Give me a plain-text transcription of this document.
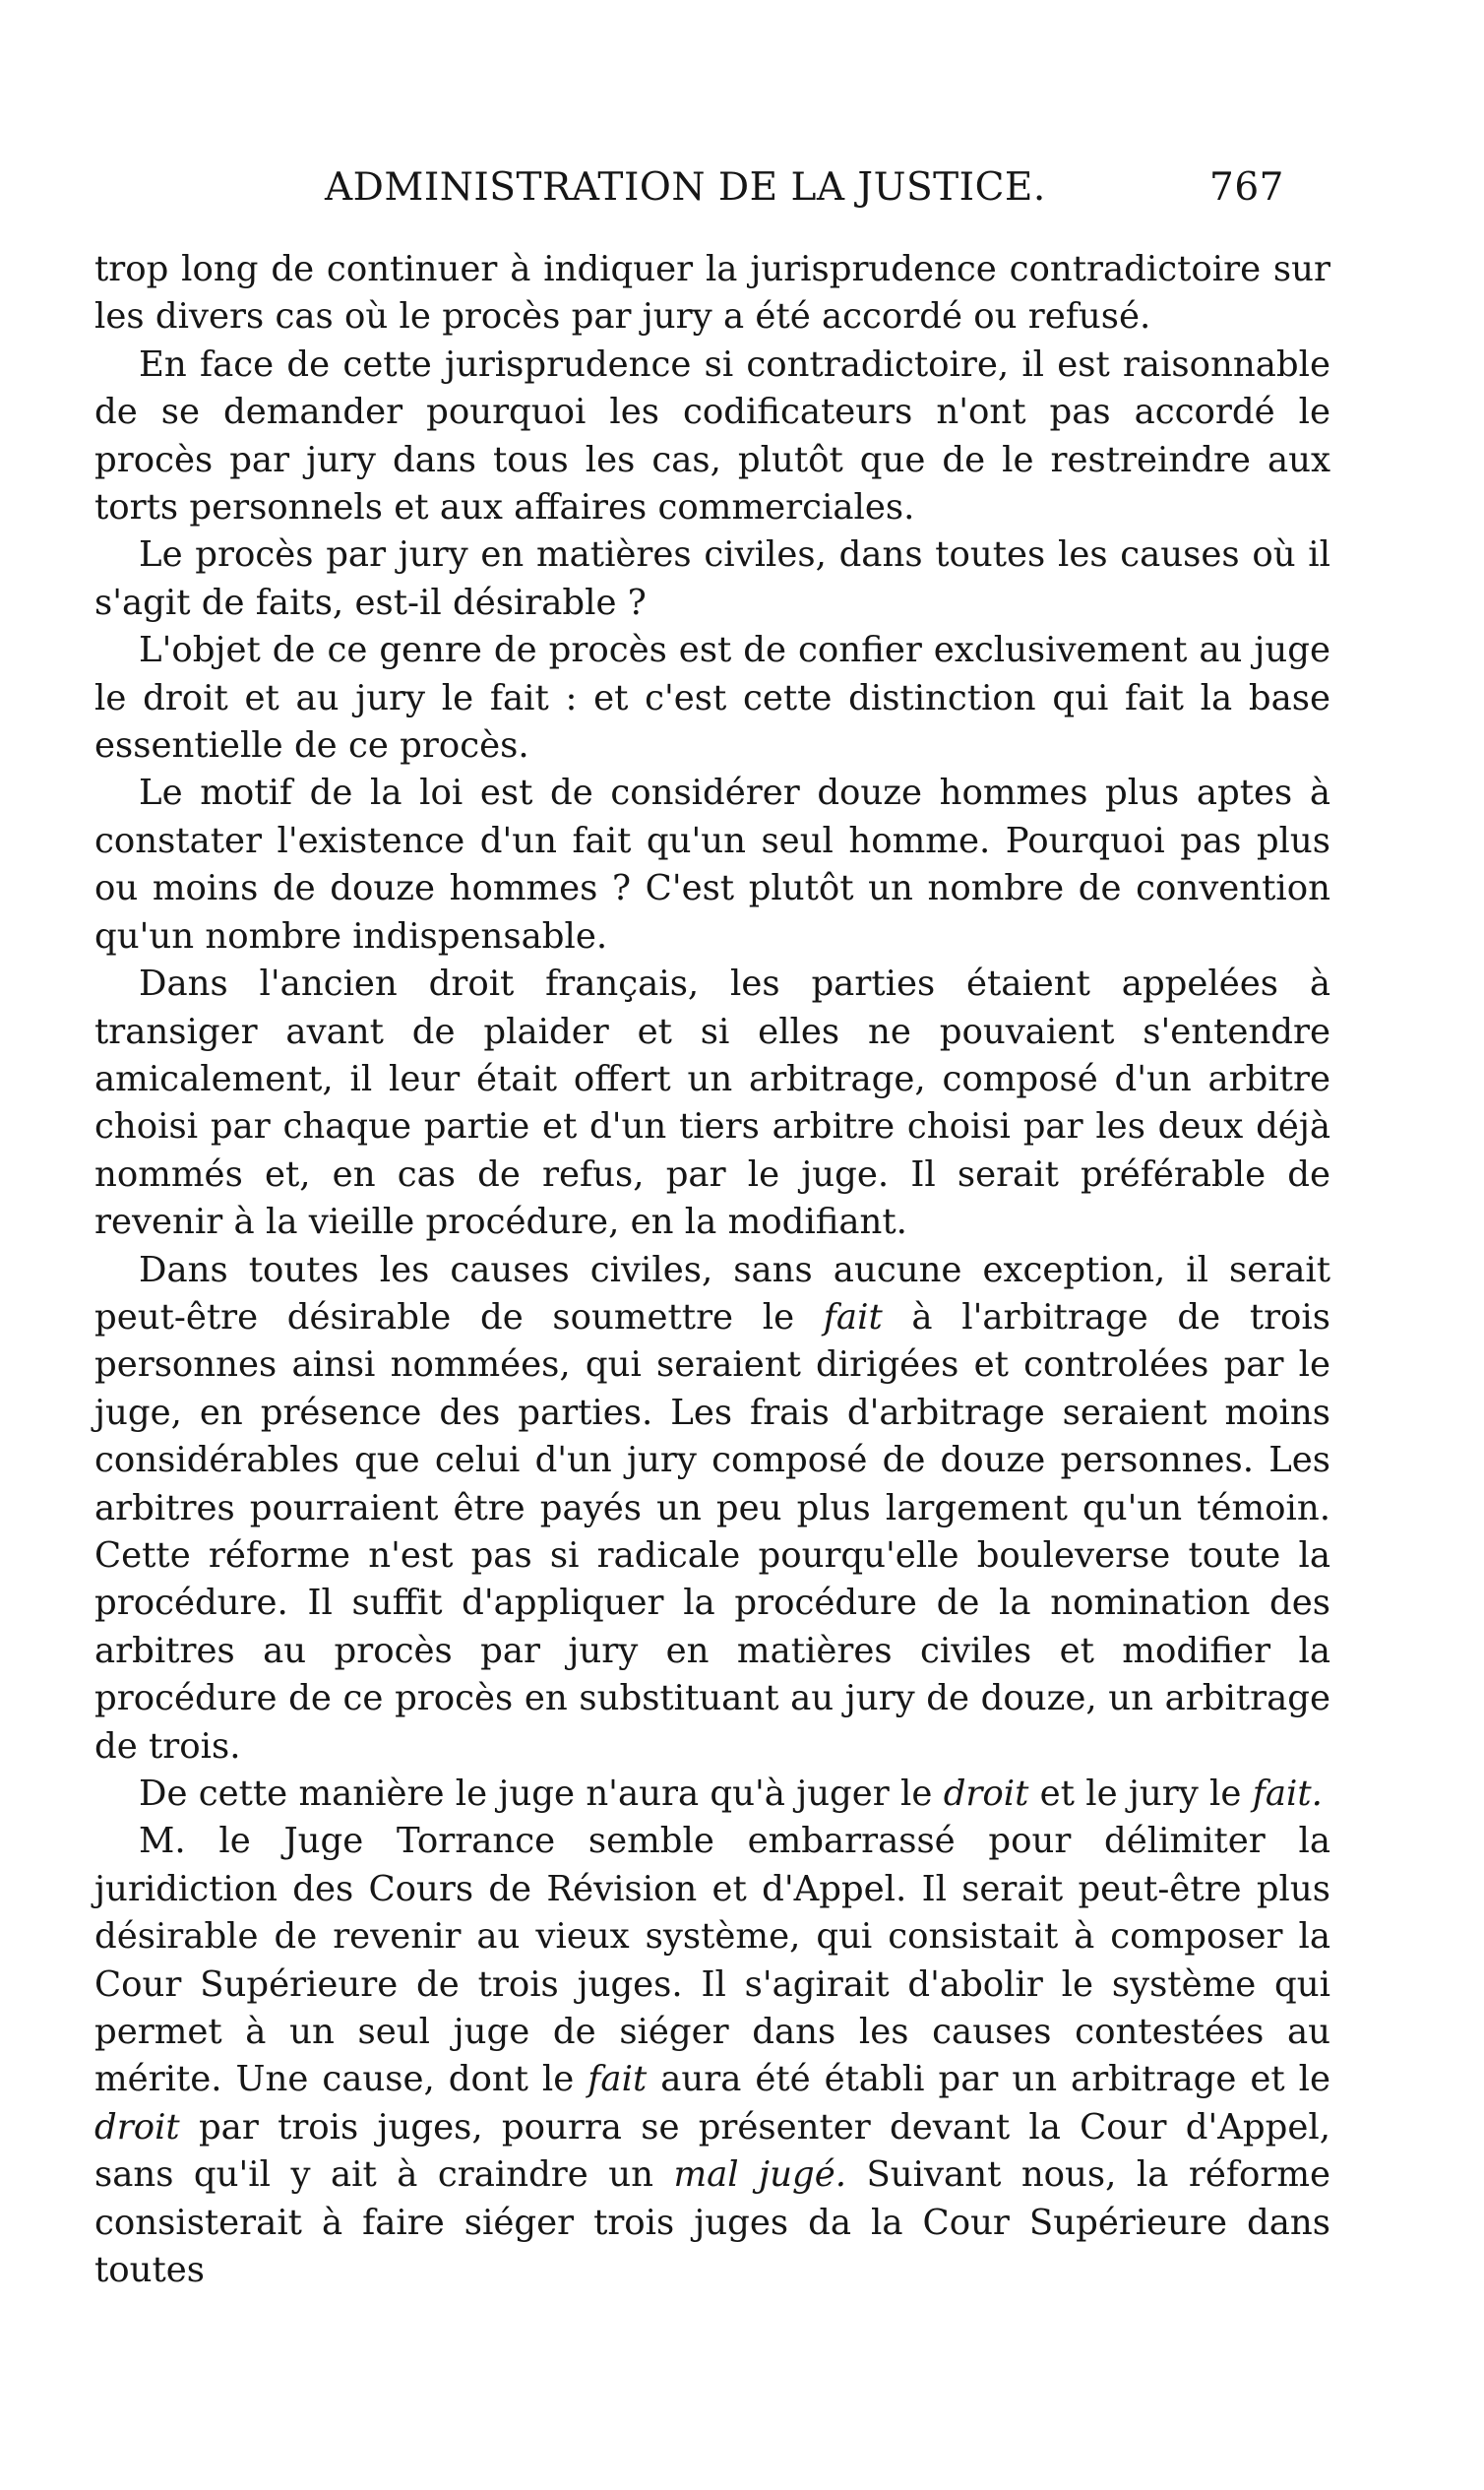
ADMINISTRATION DE LA JUSTICE.	767

trop long de continuer à indiquer la jurisprudence contradictoire sur les divers cas où le procès par jury a été accordé ou refusé.

En face de cette jurisprudence si contradictoire, il est raisonnable de se demander pourquoi les codificateurs n'ont pas accordé le procès par jury dans tous les cas, plutôt que de le restreindre aux torts personnels et aux affaires commerciales.

Le procès par jury en matières civiles, dans toutes les causes où il s'agit de faits, est-il désirable ?

L'objet de ce genre de procès est de confier exclusivement au juge le droit et au jury le fait : et c'est cette distinction qui fait la base essentielle de ce procès.

Le motif de la loi est de considérer douze hommes plus aptes à constater l'existence d'un fait qu'un seul homme. Pourquoi pas plus ou moins de douze hommes ? C'est plutôt un nombre de convention qu'un nombre indispensable.

Dans l'ancien droit français, les parties étaient appelées à transiger avant de plaider et si elles ne pouvaient s'entendre amicalement, il leur était offert un arbitrage, composé d'un arbitre choisi par chaque partie et d'un tiers arbitre choisi par les deux déjà nommés et, en cas de refus, par le juge. Il serait préférable de revenir à la vieille procédure, en la modifiant.

Dans toutes les causes civiles, sans aucune exception, il serait peut-être désirable de soumettre le fait à l'arbitrage de trois personnes ainsi nommées, qui seraient dirigées et controlées par le juge, en présence des parties. Les frais d'arbitrage seraient moins considérables que celui d'un jury composé de douze personnes. Les arbitres pourraient être payés un peu plus largement qu'un témoin. Cette réforme n'est pas si radicale pourqu'elle bouleverse toute la procédure. Il suffit d'appliquer la procédure de la nomination des arbitres au procès par jury en matières civiles et modifier la procédure de ce procès en substituant au jury de douze, un arbitrage de trois.

De cette manière le juge n'aura qu'à juger le droit et le jury le fait.

M. le Juge Torrance semble embarrassé pour délimiter la juridiction des Cours de Révision et d'Appel. Il serait peut-être plus désirable de revenir au vieux système, qui consistait à composer la Cour Supérieure de trois juges. Il s'agirait d'abolir le système qui permet à un seul juge de siéger dans les causes contestées au mérite. Une cause, dont le fait aura été établi par un arbitrage et le droit par trois juges, pourra se présenter devant la Cour d'Appel, sans qu'il y ait à craindre un mal jugé. Suivant nous, la réforme consisterait à faire siéger trois juges da la Cour Supérieure dans toutes
